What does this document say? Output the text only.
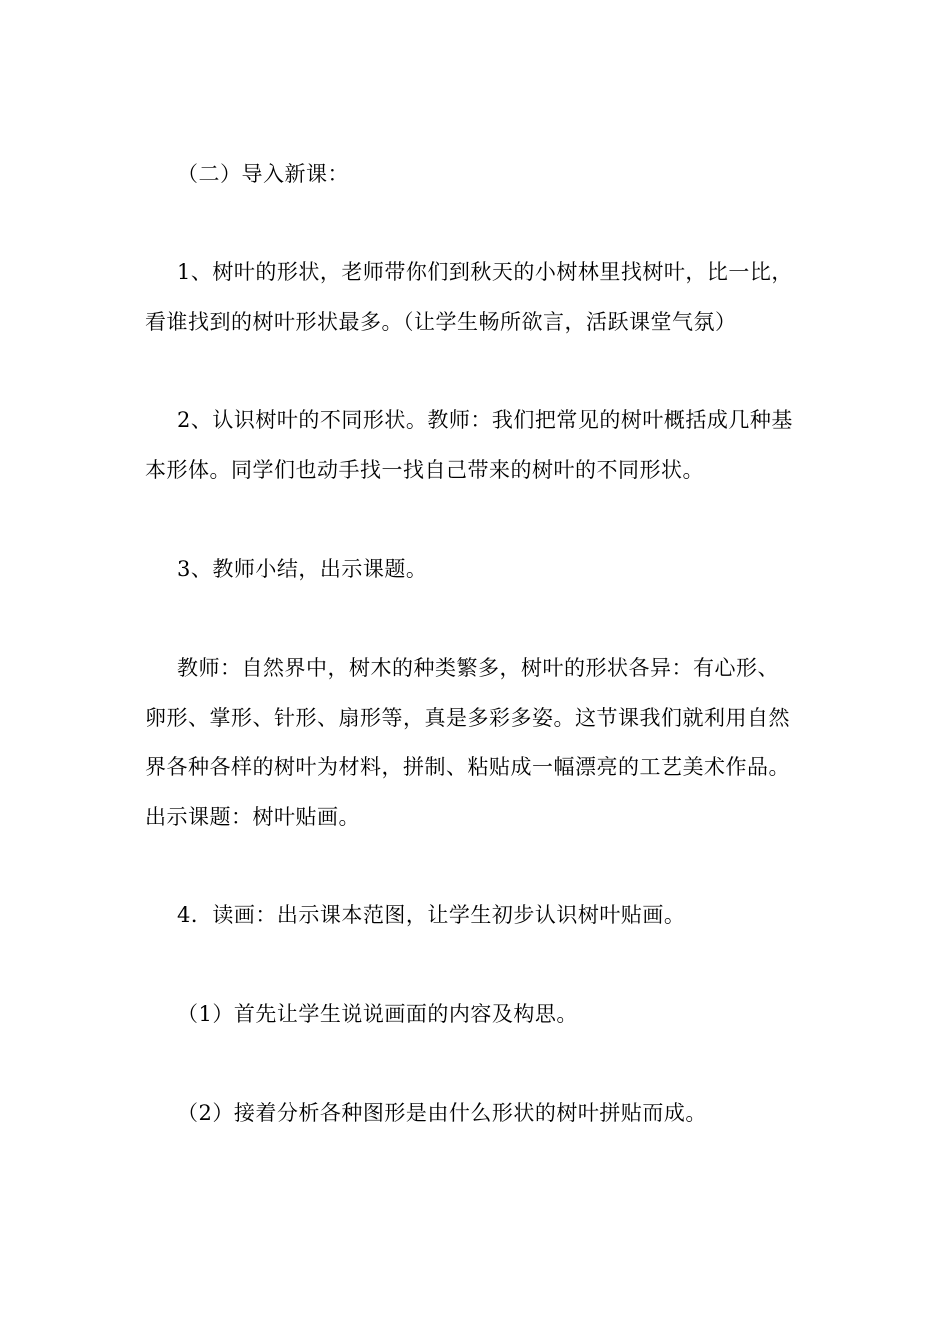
（二）导入新课：
1、树叶的形状，老师带你们到秋天的小树林里找树叶，比一比，
看谁找到的树叶形状最多。（让学生畅所欲言，活跃课堂气氛）
2、认识树叶的不同形状。教师：我们把常见的树叶概括成几种基
本形体。同学们也动手找一找自己带来的树叶的不同形状。
3、教师小结，出示课题。
教师：自然界中，树木的种类繁多，树叶的形状各异：有心形、
卵形、掌形、针形、扇形等，真是多彩多姿。这节课我们就利用自然
界各种各样的树叶为材料，拼制、粘贴成一幅漂亮的工艺美术作品。
出示课题：树叶贴画。
4．读画：出示课本范图，让学生初步认识树叶贴画。
（1）首先让学生说说画面的内容及构思。
（2）接着分析各种图形是由什么形状的树叶拼贴而成。
